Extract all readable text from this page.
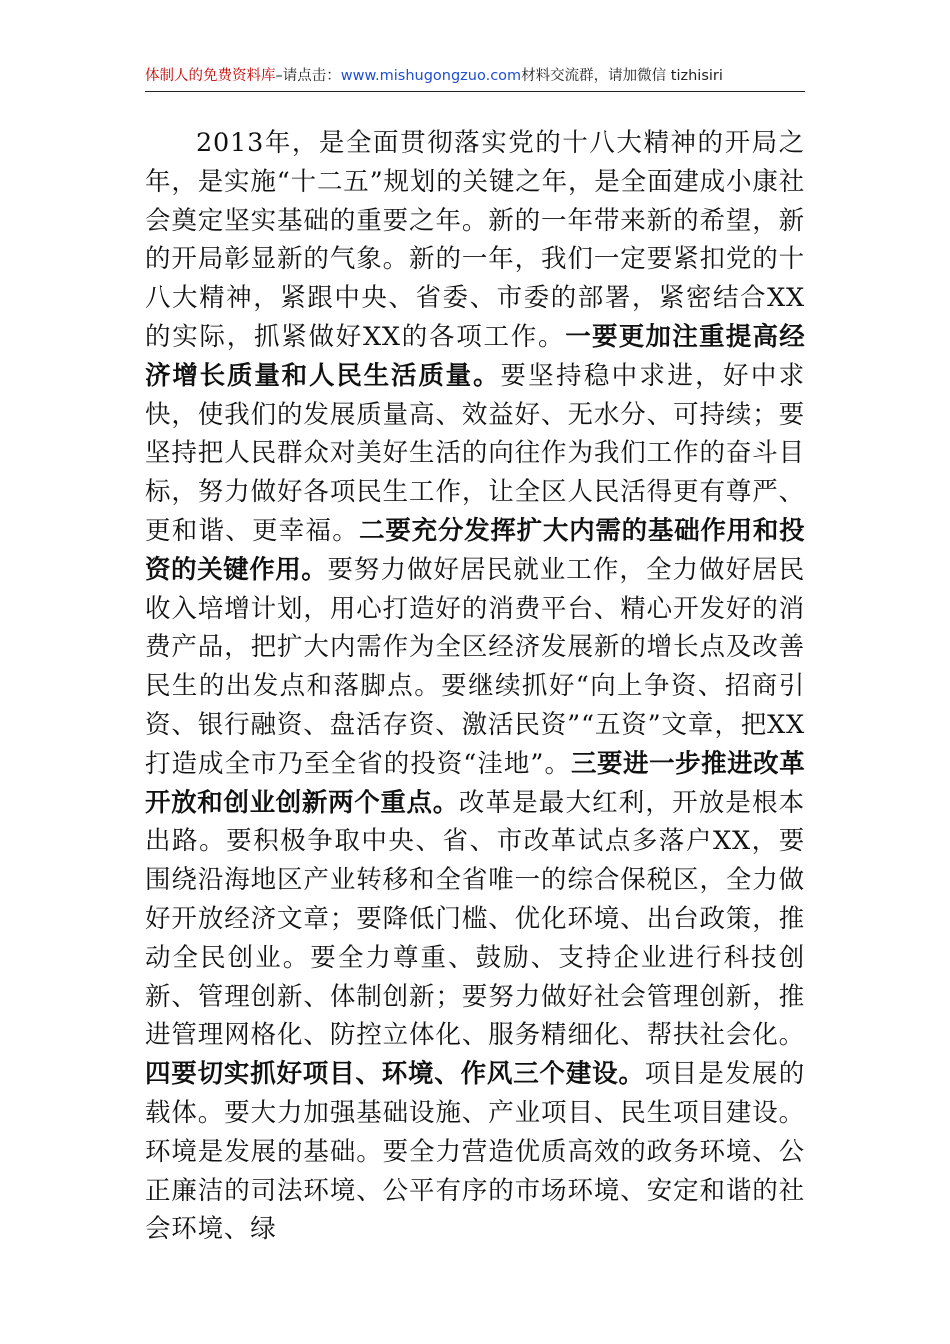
体制人的免费资料库–请点击：www.mishugongzuo.com材料交流群，请加微信 tizhisiri

2013年，是全面贯彻落实党的十八大精神的开局之年，是实施“十二五”规划的关键之年，是全面建成小康社会奠定坚实基础的重要之年。新的一年带来新的希望，新的开局彰显新的气象。新的一年，我们一定要紧扣党的十八大精神，紧跟中央、省委、市委的部署，紧密结合XX的实际，抓紧做好XX的各项工作。一要更加注重提高经济增长质量和人民生活质量。要坚持稳中求进，好中求快，使我们的发展质量高、效益好、无水分、可持续；要坚持把人民群众对美好生活的向往作为我们工作的奋斗目标，努力做好各项民生工作，让全区人民活得更有尊严、更和谐、更幸福。二要充分发挥扩大内需的基础作用和投资的关键作用。要努力做好居民就业工作，全力做好居民收入培增计划，用心打造好的消费平台、精心开发好的消费产品，把扩大内需作为全区经济发展新的增长点及改善民生的出发点和落脚点。要继续抓好“向上争资、招商引资、银行融资、盘活存资、激活民资”“五资”文章，把XX打造成全市乃至全省的投资“洼地”。三要进一步推进改革开放和创业创新两个重点。改革是最大红利，开放是根本出路。要积极争取中央、省、市改革试点多落户XX，要围绕沿海地区产业转移和全省唯一的综合保税区，全力做好开放经济文章；要降低门槛、优化环境、出台政策，推动全民创业。要全力尊重、鼓励、支持企业进行科技创新、管理创新、体制创新；要努力做好社会管理创新，推进管理网格化、防控立体化、服务精细化、帮扶社会化。四要切实抓好项目、环境、作风三个建设。项目是发展的载体。要大力加强基础设施、产业项目、民生项目建设。环境是发展的基础。要全力营造优质高效的政务环境、公正廉洁的司法环境、公平有序的市场环境、安定和谐的社会环境、绿
